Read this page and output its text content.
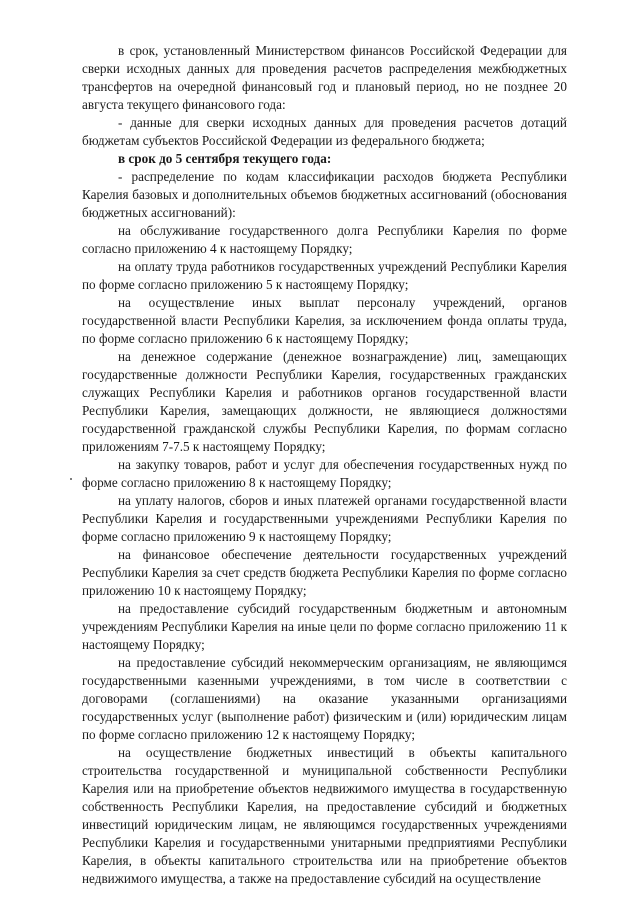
в срок, установленный Министерством финансов Российской Федерации для сверки исходных данных для проведения расчетов распределения межбюджетных трансфертов на очередной финансовый год и плановый период, но не позднее 20 августа текущего финансового года:

- данные для сверки исходных данных для проведения расчетов дотаций бюджетам субъектов Российской Федерации из федерального бюджета;

в срок до 5 сентября текущего года:

- распределение по кодам классификации расходов бюджета Республики Карелия базовых и дополнительных объемов бюджетных ассигнований (обоснования бюджетных ассигнований):

на обслуживание государственного долга Республики Карелия по форме согласно приложению 4 к настоящему Порядку;

на оплату труда работников государственных учреждений Республики Карелия по форме согласно приложению 5 к настоящему Порядку;

на осуществление иных выплат персоналу учреждений, органов государственной власти Республики Карелия, за исключением фонда оплаты труда, по форме согласно приложению 6 к настоящему Порядку;

на денежное содержание (денежное вознаграждение) лиц, замещающих государственные должности Республики Карелия, государственных гражданских служащих Республики Карелия и работников органов государственной власти Республики Карелия, замещающих должности, не являющиеся должностями государственной гражданской службы Республики Карелия, по формам согласно приложениям 7-7.5 к настоящему Порядку;

на закупку товаров, работ и услуг для обеспечения государственных нужд по форме согласно приложению 8 к настоящему Порядку;

на уплату налогов, сборов и иных платежей органами государственной власти Республики Карелия и государственными учреждениями Республики Карелия по форме согласно приложению 9 к настоящему Порядку;

на финансовое обеспечение деятельности государственных учреждений Республики Карелия за счет средств бюджета Республики Карелия по форме согласно приложению 10 к настоящему Порядку;

на предоставление субсидий государственным бюджетным и автономным учреждениям Республики Карелия на иные цели по форме согласно приложению 11 к настоящему Порядку;

на предоставление субсидий некоммерческим организациям, не являющимся государственными казенными учреждениями, в том числе в соответствии с договорами (соглашениями) на оказание указанными организациями государственных услуг (выполнение работ) физическим и (или) юридическим лицам по форме согласно приложению 12 к настоящему Порядку;

на осуществление бюджетных инвестиций в объекты капитального строительства государственной и муниципальной собственности Республики Карелия или на приобретение объектов недвижимого имущества в государственную собственность Республики Карелия, на предоставление субсидий и бюджетных инвестиций юридическим лицам, не являющимся государственных учреждениями Республики Карелия и государственными унитарными предприятиями Республики Карелия, в объекты капитального строительства или на приобретение объектов недвижимого имущества, а также на предоставление субсидий на осуществление
